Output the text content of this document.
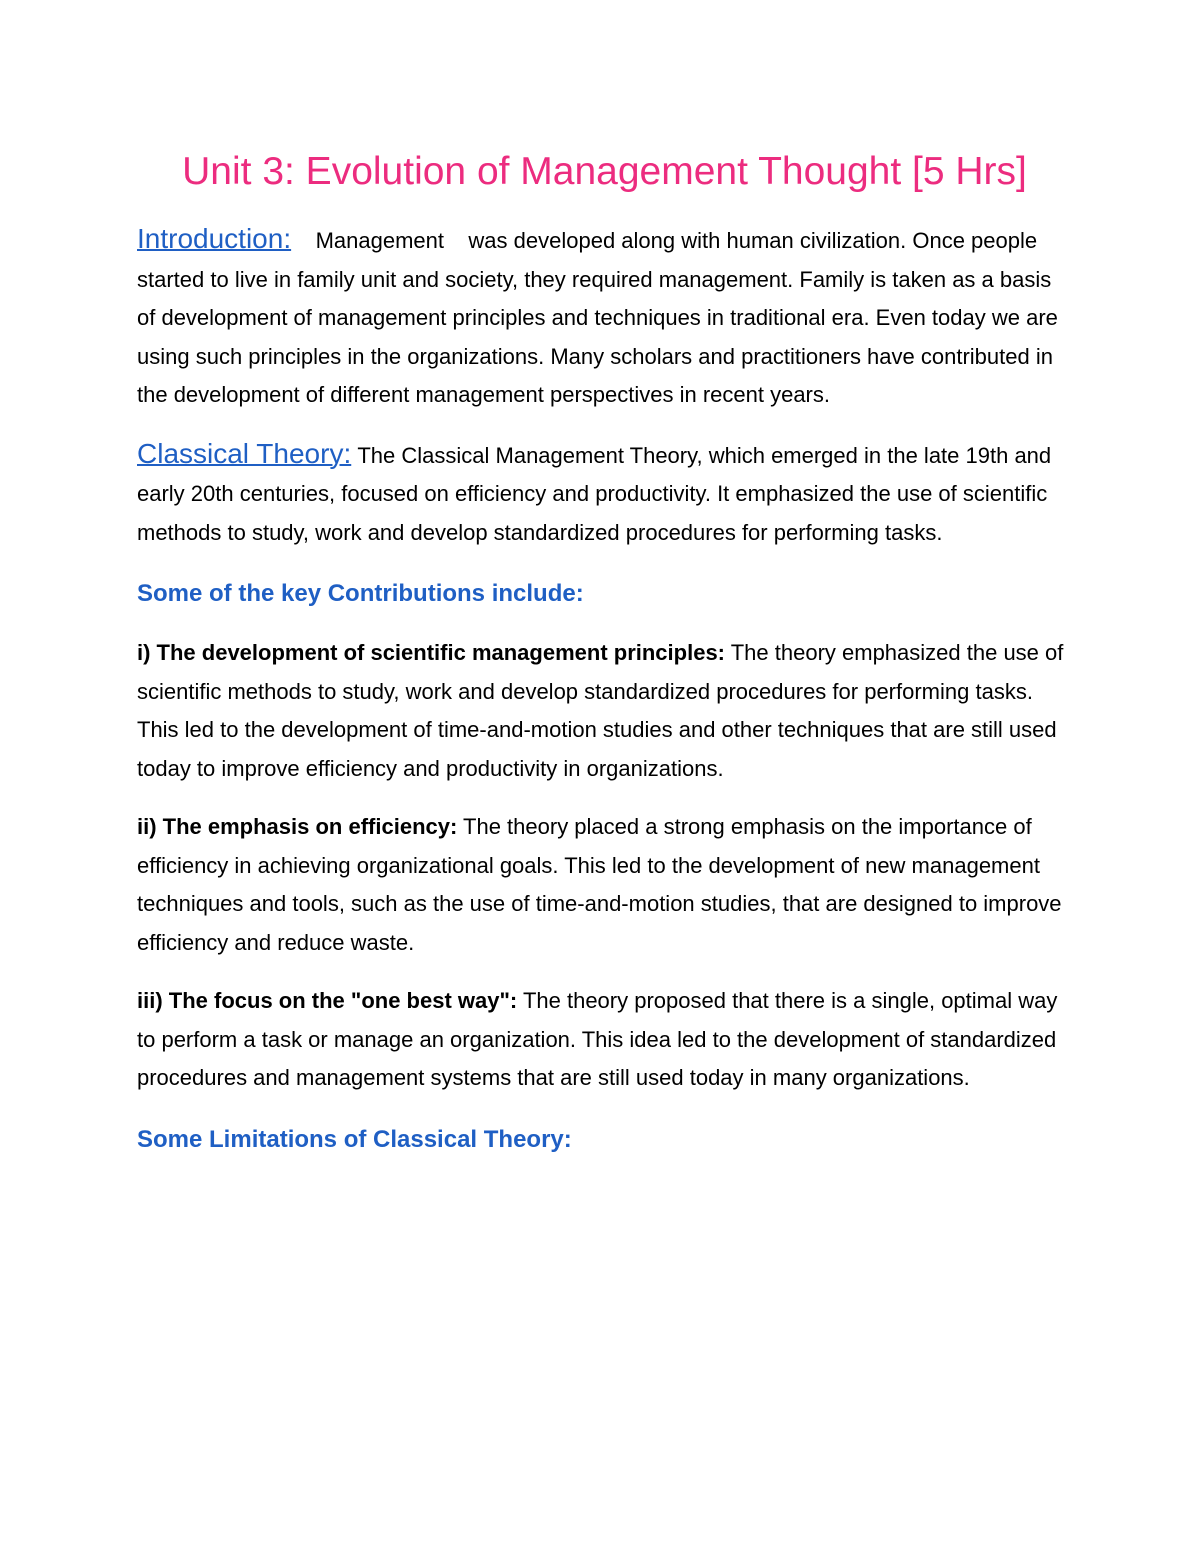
Unit 3: Evolution of Management Thought [5 Hrs]

Introduction: Management    was developed along with human civilization. Once people started to live in family unit and society, they required management. Family is taken as a basis of development of management principles and techniques in traditional era. Even today we are using such principles in the organizations. Many scholars and practitioners have contributed in the development of different management perspectives in recent years.

Classical Theory: The Classical Management Theory, which emerged in the late 19th and early 20th centuries, focused on efficiency and productivity. It emphasized the use of scientific methods to study, work and develop standardized procedures for performing tasks.

Some of the key Contributions include:

i) The development of scientific management principles: The theory emphasized the use of scientific methods to study, work and develop standardized procedures for performing tasks. This led to the development of time-and-motion studies and other techniques that are still used today to improve efficiency and productivity in organizations.

ii) The emphasis on efficiency: The theory placed a strong emphasis on the importance of efficiency in achieving organizational goals. This led to the development of new management techniques and tools, such as the use of time-and-motion studies, that are designed to improve efficiency and reduce waste.

iii) The focus on the "one best way": The theory proposed that there is a single, optimal way to perform a task or manage an organization. This idea led to the development of standardized procedures and management systems that are still used today in many organizations.

Some Limitations of Classical Theory:
